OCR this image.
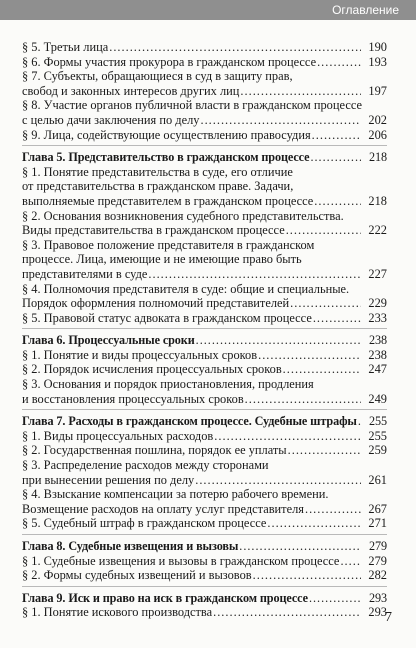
Оглавление
§ 5. Третьи лица .....	190
§ 6. Формы участия прокурора в гражданском процессе .....	193
§ 7. Субъекты, обращающиеся в суд в защиту прав,
свобод и законных интересов других лиц .....	197
§ 8. Участие органов публичной власти в гражданском процессе
с целью дачи заключения по делу .....	202
§ 9. Лица, содействующие осуществлению правосудия .....	206
Глава 5. Представительство в гражданском процессе .....	218
§ 1. Понятие представительства в суде, его отличие
от представительства в гражданском праве. Задачи,
выполняемые представителем в гражданском процессе .....	218
§ 2. Основания возникновения судебного представительства.
Виды представительства в гражданском процессе .....	222
§ 3. Правовое положение представителя в гражданском
процессе. Лица, имеющие и не имеющие право быть
представителями в суде .....	227
§ 4. Полномочия представителя в суде: общие и специальные.
Порядок оформления полномочий представителей .....	229
§ 5. Правовой статус адвоката в гражданском процессе .....	233
Глава 6. Процессуальные сроки .....	238
§ 1. Понятие и виды процессуальных сроков .....	238
§ 2. Порядок исчисления процессуальных сроков .....	247
§ 3. Основания и порядок приостановления, продления
и восстановления процессуальных сроков .....	249
Глава 7. Расходы в гражданском процессе. Судебные штрафы ..... 255
§ 1. Виды процессуальных расходов .....	255
§ 2. Государственная пошлина, порядок ее уплаты .....	259
§ 3. Распределение расходов между сторонами
при вынесении решения по делу .....	261
§ 4. Взыскание компенсации за потерю рабочего времени.
Возмещение расходов на оплату услуг представителя .....	267
§ 5. Судебный штраф в гражданском процессе .....	271
Глава 8. Судебные извещения и вызовы .....	279
§ 1. Судебные извещения и вызовы в гражданском процессе .....	279
§ 2. Формы судебных извещений и вызовов .....	282
Глава 9. Иск и право на иск в гражданском процессе .....	293
§ 1. Понятие искового производства .....	293
7
